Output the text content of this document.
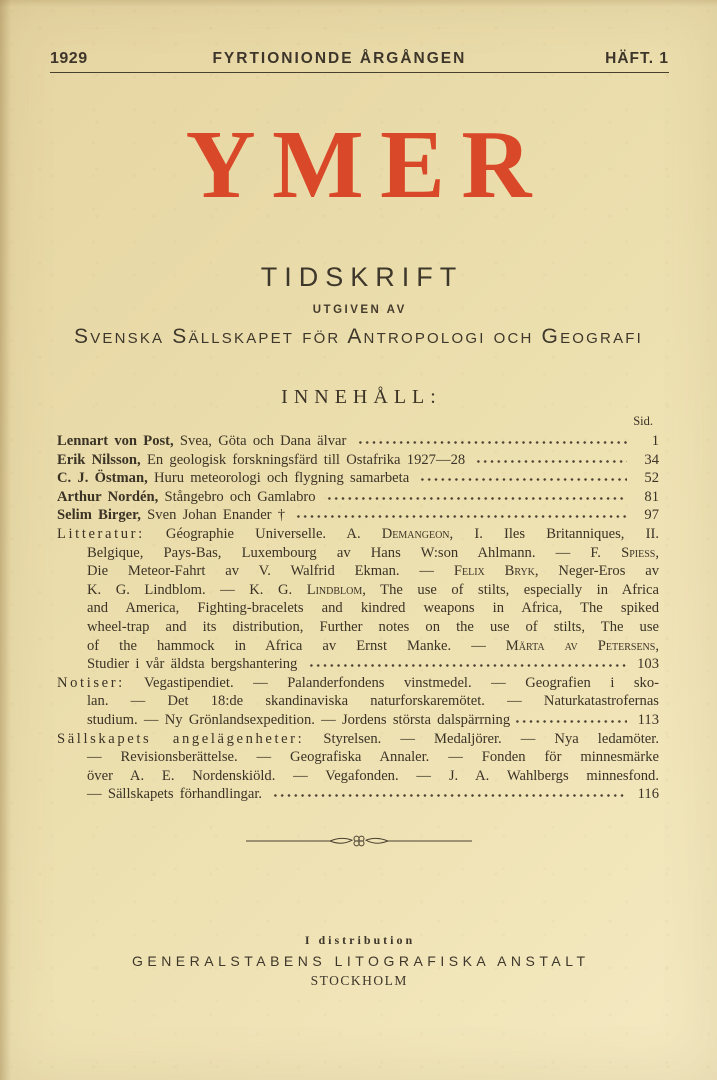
1929	FYRTIONIONDE ÅRGÅNGEN	HÄFT. 1
YMER
TIDSKRIFT
UTGIVEN AV
Svenska Sällskapet för Antropologi och Geografi
INNEHÅLL:
Sid.
Lennart von Post, Svea, Göta och Dana älvar	1
Erik Nilsson, En geologisk forskningsfärd till Ostafrika 1927—28	34
C. J. Östman, Huru meteorologi och flygning samarbeta	52
Arthur Nordén, Stångebro och Gamlabro	81
Selim Birger, Sven Johan Enander †	97
Litteratur: Géographie Universelle. A. Demangeon, I. Iles Britanniques, II.
Belgique, Pays-Bas, Luxembourg av Hans W:son Ahlmann. — F. Spiess,
Die Meteor-Fahrt av V. Walfrid Ekman. — Felix Bryk, Neger-Eros av
K. G. Lindblom. — K. G. Lindblom, The use of stilts, especially in Africa
and America, Fighting-bracelets and kindred weapons in Africa, The spiked
wheel-trap and its distribution, Further notes on the use of stilts, The use
of the hammock in Africa av Ernst Manke. — Märta av Petersens,
Studier i vår äldsta bergshantering	103
Notiser: Vegastipendiet. — Palanderfondens vinstmedel. — Geografien i sko-
lan. — Det 18:de skandinaviska naturforskaremötet. — Naturkatastrofernas
studium. — Ny Grönlandsexpedition. — Jordens största dalspärrning	113
Sällskapets angelägenheter: Styrelsen. — Medaljörer. — Nya ledamöter.
— Revisionsberättelse. — Geografiska Annaler. — Fonden för minnesmärke
över A. E. Nordenskiöld. — Vegafonden. — J. A. Wahlbergs minnesfond.
— Sällskapets förhandlingar.	116
I distribution
GENERALSTABENS LITOGRAFISKA ANSTALT
STOCKHOLM
